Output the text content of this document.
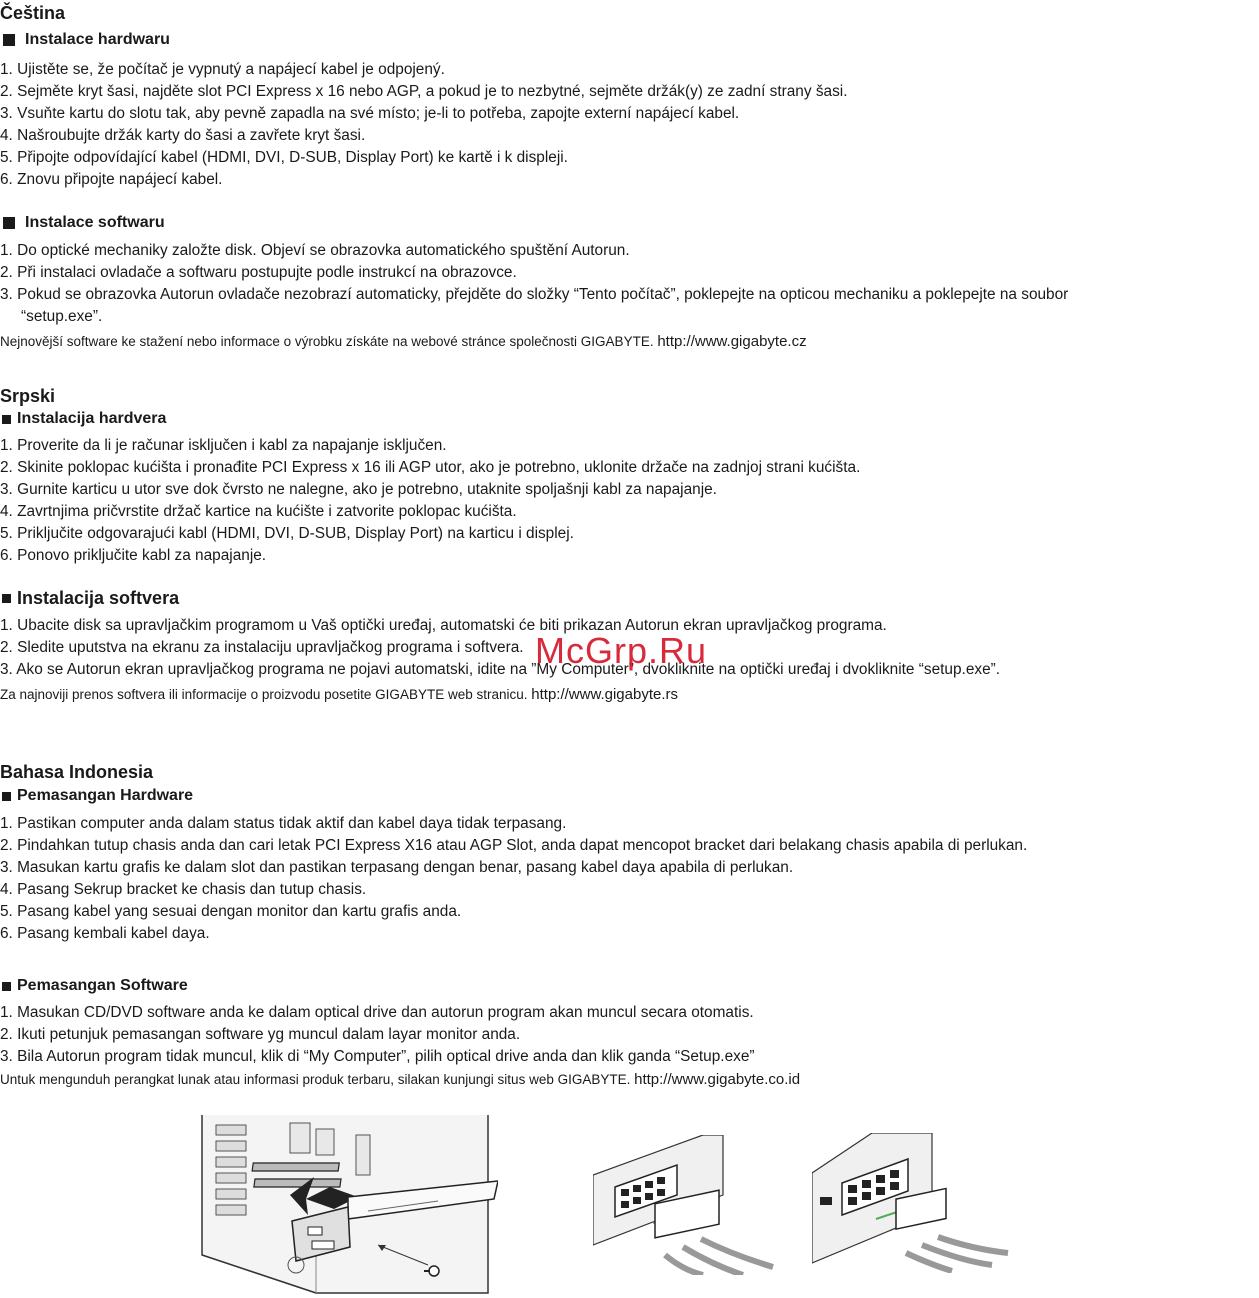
Čeština
Instalace hardwaru
1. Ujistěte se, že počítač je vypnutý a napájecí kabel je odpojený.
2. Sejměte kryt šasi, najděte slot PCI Express x 16 nebo AGP, a pokud je to nezbytné, sejměte držák(y) ze zadní strany šasi.
3. Vsuňte kartu do slotu tak, aby pevně zapadla na své místo; je-li to potřeba, zapojte externí napájecí kabel.
4. Našroubujte držák karty do šasi a zavřete kryt šasi.
5. Připojte odpovídající kabel (HDMI, DVI, D-SUB, Display Port) ke kartě i k displeji.
6. Znovu připojte napájecí kabel.
Instalace softwaru
1. Do optické mechaniky založte disk. Objeví se obrazovka automatického spuštění Autorun.
2. Při instalaci ovladače a softwaru postupujte podle instrukcí na obrazovce.
3. Pokud se obrazovka Autorun ovladače nezobrazí automaticky, přejděte do složky “Tento počítač”, poklepejte na opticou mechaniku a poklepejte na soubor
“setup.exe”.
Nejnovější software ke stažení nebo informace o výrobku získáte na webové stránce společnosti GIGABYTE. http://www.gigabyte.cz
Srpski
Instalacija hardvera
1. Proverite da li je računar isključen i kabl za napajanje isključen.
2. Skinite poklopac kućišta i pronađite PCI Express x 16 ili AGP utor, ako je potrebno, uklonite držače na zadnjoj strani kućišta.
3. Gurnite karticu u utor sve dok čvrsto ne nalegne, ako je potrebno, utaknite spoljašnji kabl za napajanje.
4. Zavrtnjima pričvrstite držač kartice na kućište i zatvorite poklopac kućišta.
5. Priključite odgovarajući kabl (HDMI, DVI, D-SUB, Display Port) na karticu i displej.
6. Ponovo priključite kabl za napajanje.
Instalacija softvera
1. Ubacite disk sa upravljačkim programom u Vaš optički uređaj, automatski će biti prikazan Autorun ekran upravljačkog programa.
2. Sledite uputstva na ekranu za instalaciju upravljačkog programa i softvera.
3. Ako se Autorun ekran upravljačkog programa ne pojavi automatski, idite na ”My Computer”, dvokliknite na optički uređaj i dvokliknite “setup.exe”.
Za najnoviji prenos softvera ili informacije o proizvodu posetite GIGABYTE web stranicu. http://www.gigabyte.rs
Bahasa Indonesia
Pemasangan Hardware
1. Pastikan computer anda dalam status tidak aktif dan kabel daya tidak terpasang.
2. Pindahkan tutup chasis anda dan cari letak PCI Express X16 atau AGP Slot, anda dapat mencopot bracket dari belakang chasis apabila di perlukan.
3. Masukan kartu grafis ke dalam slot dan pastikan terpasang dengan benar, pasang kabel daya apabila di perlukan.
4. Pasang Sekrup bracket ke chasis dan tutup chasis.
5. Pasang kabel yang sesuai dengan monitor dan kartu grafis anda.
6. Pasang kembali kabel daya.
Pemasangan Software
1. Masukan CD/DVD software anda ke dalam optical drive dan autorun program akan muncul secara otomatis.
2. Ikuti petunjuk pemasangan software yg muncul dalam layar monitor anda.
3. Bila Autorun program tidak muncul, klik di “My Computer”, pilih optical drive anda dan klik ganda “Setup.exe”
Untuk mengunduh perangkat lunak atau informasi produk terbaru, silakan kunjungi situs web GIGABYTE. http://www.gigabyte.co.id
McGrp.Ru
